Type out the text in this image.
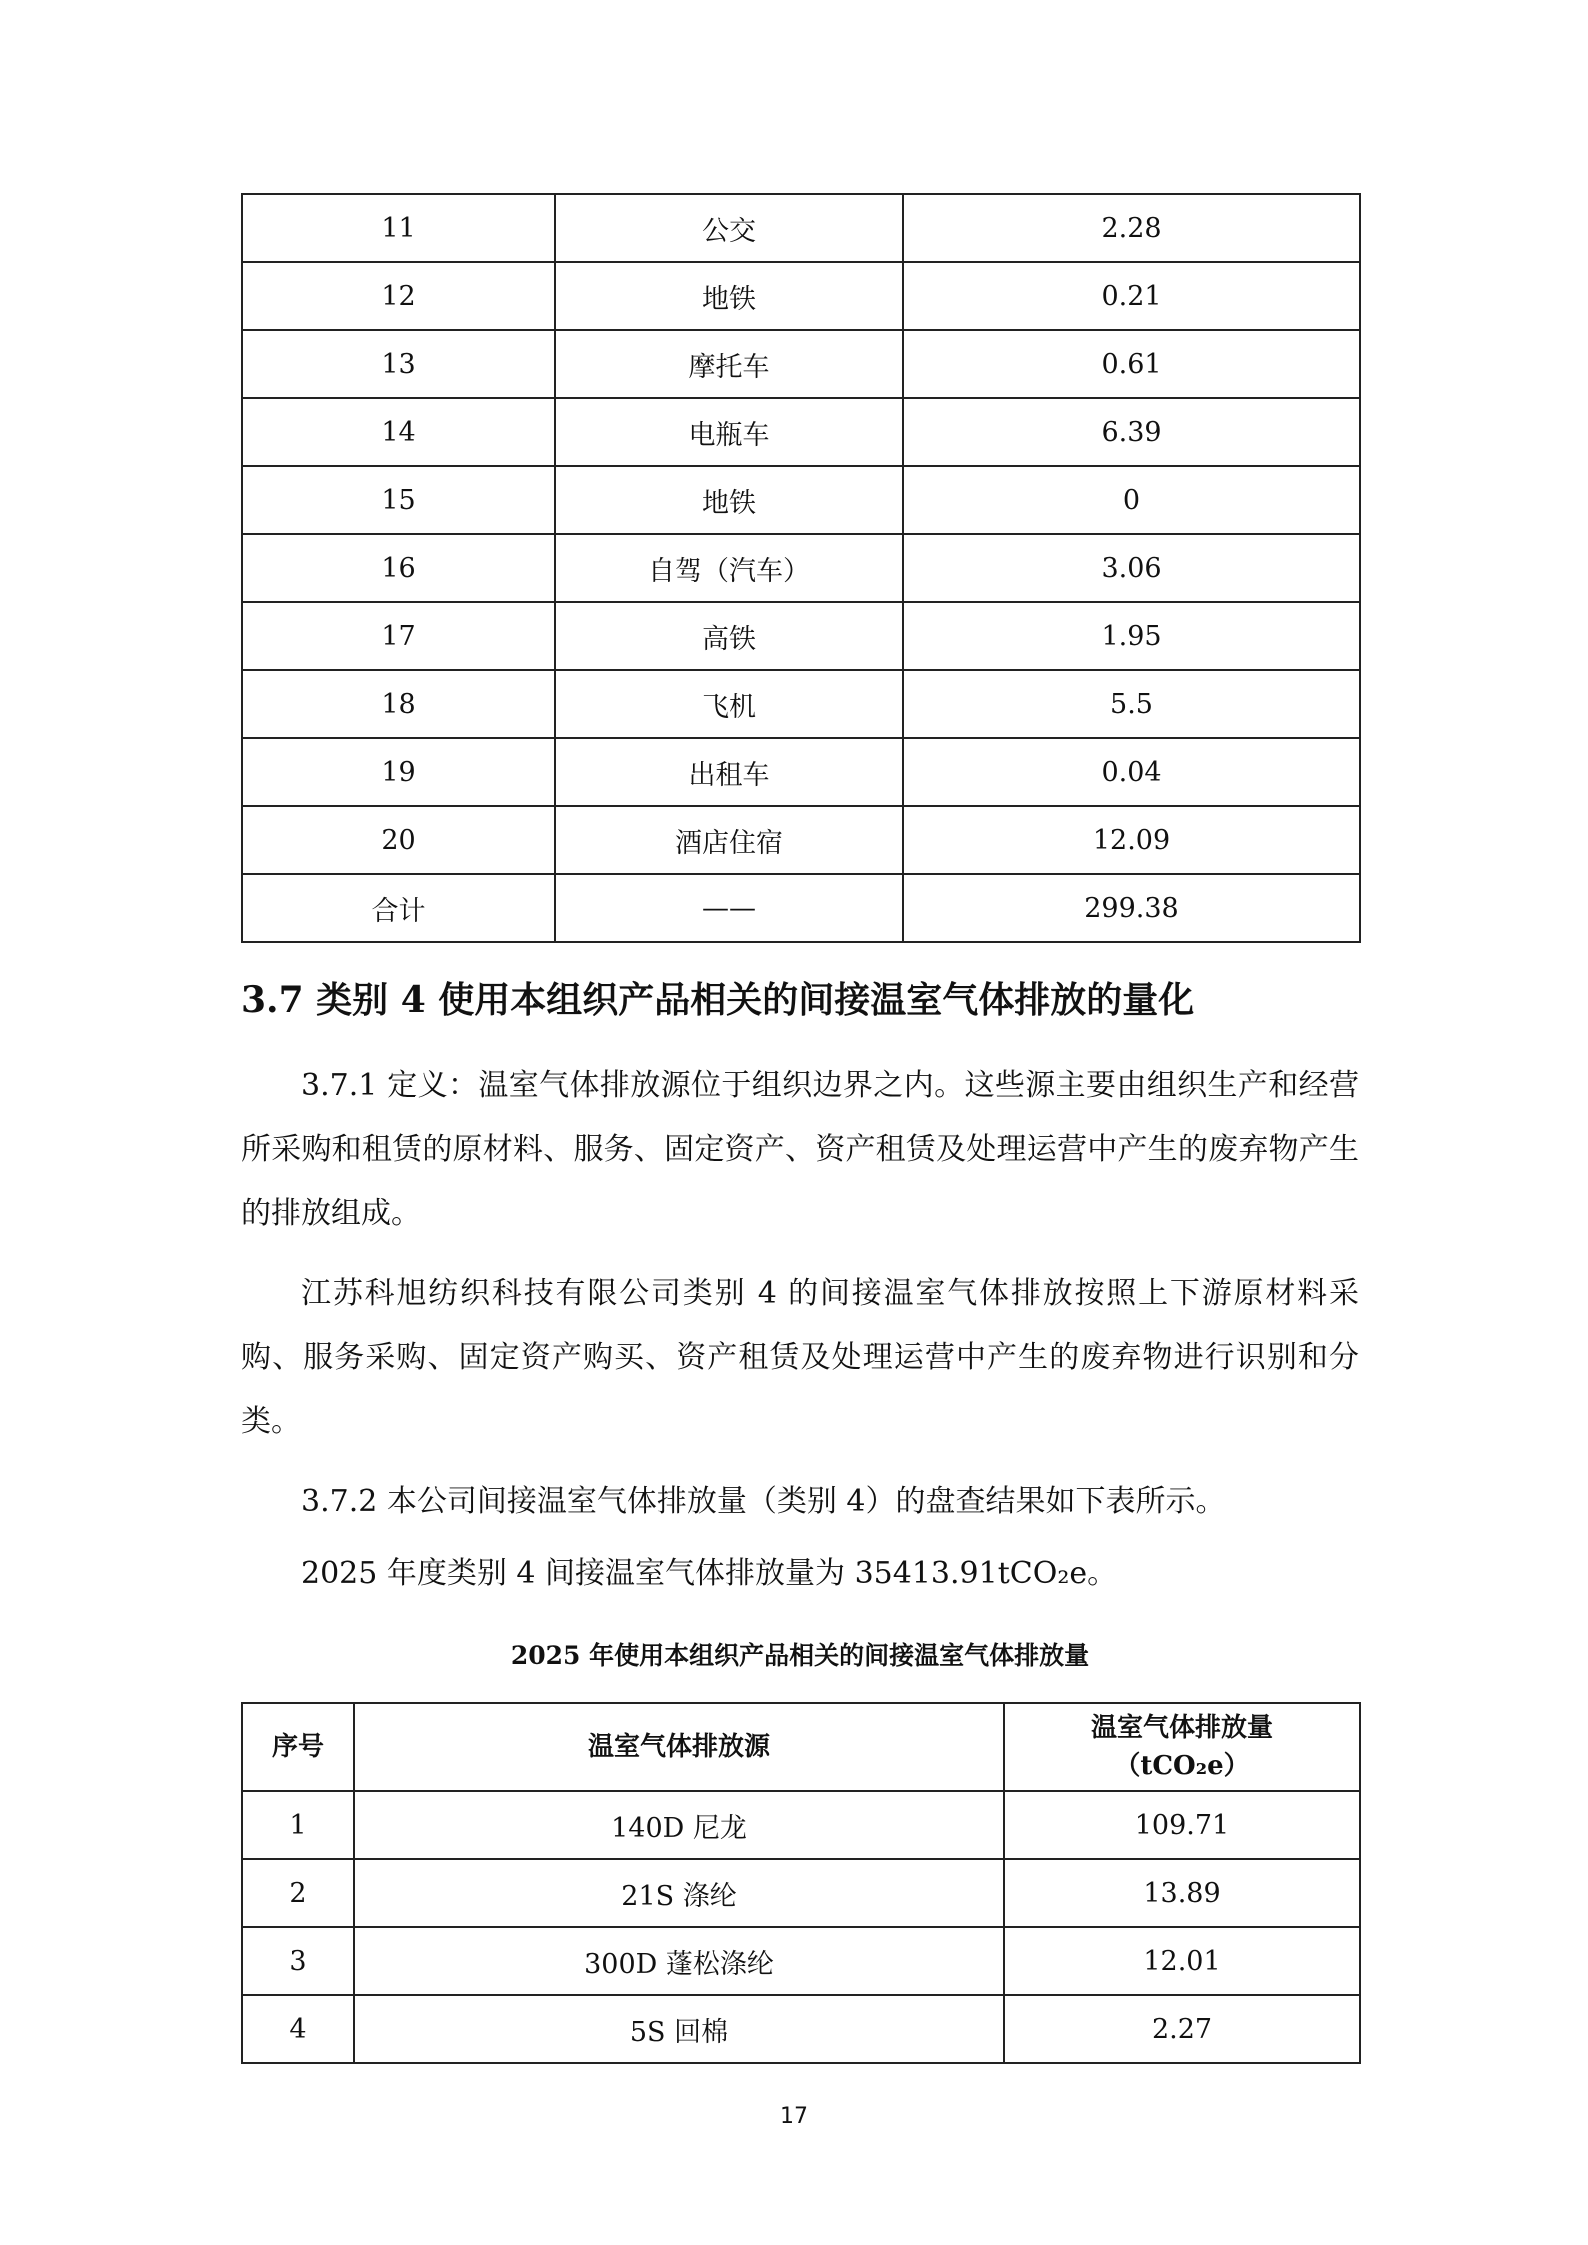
11	公交	2.28
12	地铁	0.21
13	摩托车	0.61
14	电瓶车	6.39
15	地铁	0
16	自驾（汽车）	3.06
17	高铁	1.95
18	飞机	5.5
19	出租车	0.04
20	酒店住宿	12.09
合计	——	299.38
3.7 类别 4 使用本组织产品相关的间接温室气体排放的量化

3.7.1 定义：温室气体排放源位于组织边界之内。这些源主要由组织生产和经营所采购和租赁的原材料、服务、固定资产、资产租赁及处理运营中产生的废弃物产生的排放组成。

江苏科旭纺织科技有限公司类别 4 的间接温室气体排放按照上下游原材料采购、服务采购、固定资产购买、资产租赁及处理运营中产生的废弃物进行识别和分类。

3.7.2 本公司间接温室气体排放量（类别 4）的盘查结果如下表所示。

2025 年度类别 4 间接温室气体排放量为 35413.91tCO₂e。

2025 年使用本组织产品相关的间接温室气体排放量
序号	温室气体排放源	温室气体排放量
（tCO₂e）

1	140D 尼龙	109.71
2	21S 涤纶	13.89
3	300D 蓬松涤纶	12.01
4	5S 回棉	2.27
17
